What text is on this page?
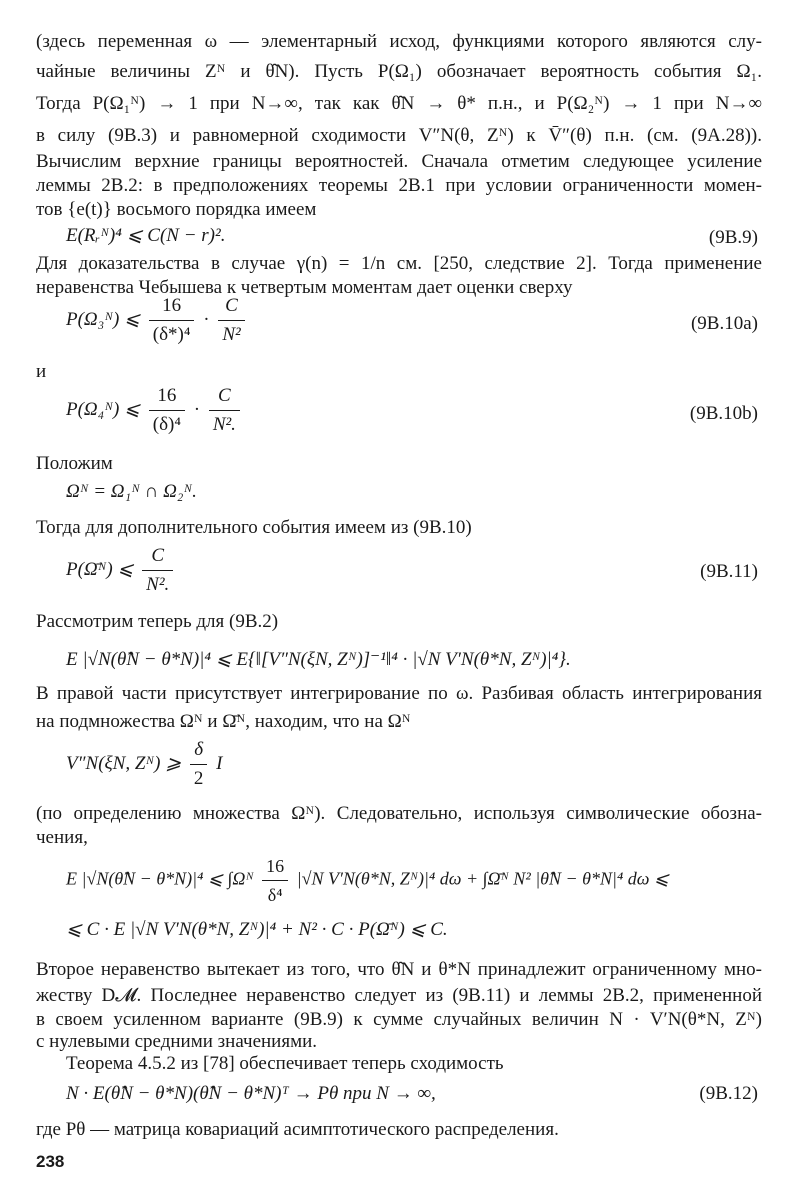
(здесь переменная ω — элементарный исход, функциями которого являются слу-
чайные величины Zᴺ и θ̂N). Пусть P(Ω₁) обозначает вероятность события Ω₁.
Тогда P(Ω₁ᴺ) → 1 при N→∞, так как θ̂N → θ* п.н., и P(Ω₂ᴺ) → 1 при N→∞
в силу (9В.3) и равномерной сходимости V″N(θ, Zᴺ) к V̄″(θ) п.н. (см. (9А.28)).
Вычислим верхние границы вероятностей. Сначала отметим следующее усиление
леммы 2В.2: в предположениях теоремы 2В.1 при условии ограниченности момен-
тов {e(t)} восьмого порядка имеем
E(Rᵣᴺ)⁴ ⩽ C(N − r)².	(9B.9)
Для доказательства в случае γ(n) = 1/n см. [250, следствие 2]. Тогда применение
неравенства Чебышева к четвертым моментам дает оценки сверху
P(Ω₃ᴺ) ⩽ $\frac{16}{\text{(δ*)⁴}} \cdot \frac{C}{\text{N²}}$	(9B.10a)
и
P(Ω₄ᴺ) ⩽ $\frac{16}{\text{(δ)⁴}} \cdot \frac{C}{\text{N².}}$	(9B.10b)
Положим
Ωᴺ = Ω₁ᴺ ∩ Ω₂ᴺ.
Тогда для дополнительного события имеем из (9B.10)
P(Ω̄ᴺ) ⩽ $\frac{C}{\text{N².}}$	(9B.11)
Рассмотрим теперь для (9B.2)
E |√N(θ̂N − θ*N)|⁴ ⩽ E{‖[V″N(ξN, Zᴺ)]⁻¹‖⁴ · |√N V′N(θ*N, Zᴺ)|⁴}.
В правой части присутствует интегрирование по ω. Разбивая область интегрирования
на подмножества Ωᴺ и Ω̄ᴺ, находим, что на Ωᴺ
V″N(ξN, Zᴺ) ⩾ $\frac{\delta}{2}$ I
(по определению множества Ωᴺ). Следовательно, используя символические обозна-
чения,
E |√N(θ̂N − θ*N)|⁴ ⩽ ∫Ωᴺ $\frac{16}{\text{δ⁴}} |√N$ V′N(θ*N, Zᴺ)|⁴ dω + ∫Ω̄ᴺ N² |θ̂N − θ*N|⁴ dω ⩽
⩽ C · E |√N V′N(θ*N, Zᴺ)|⁴ + N² · C · P(Ω̄ᴺ) ⩽ C.
Второе неравенство вытекает из того, что θ̂N и θ*N принадлежит ограниченному мно-
жеству D𝓜. Последнее неравенство следует из (9B.11) и леммы 2B.2, примененной
в своем усиленном варианте (9B.9) к сумме случайных величин N · V′N(θ*N, Zᴺ)
с нулевыми средними значениями.
Теорема 4.5.2 из [78] обеспечивает теперь сходимость
N · E(θ̂N − θ*N)(θ̂N − θ*N)ᵀ → Pθ при N → ∞,	(9B.12)
где Pθ — матрица ковариаций асимптотического распределения.
238
